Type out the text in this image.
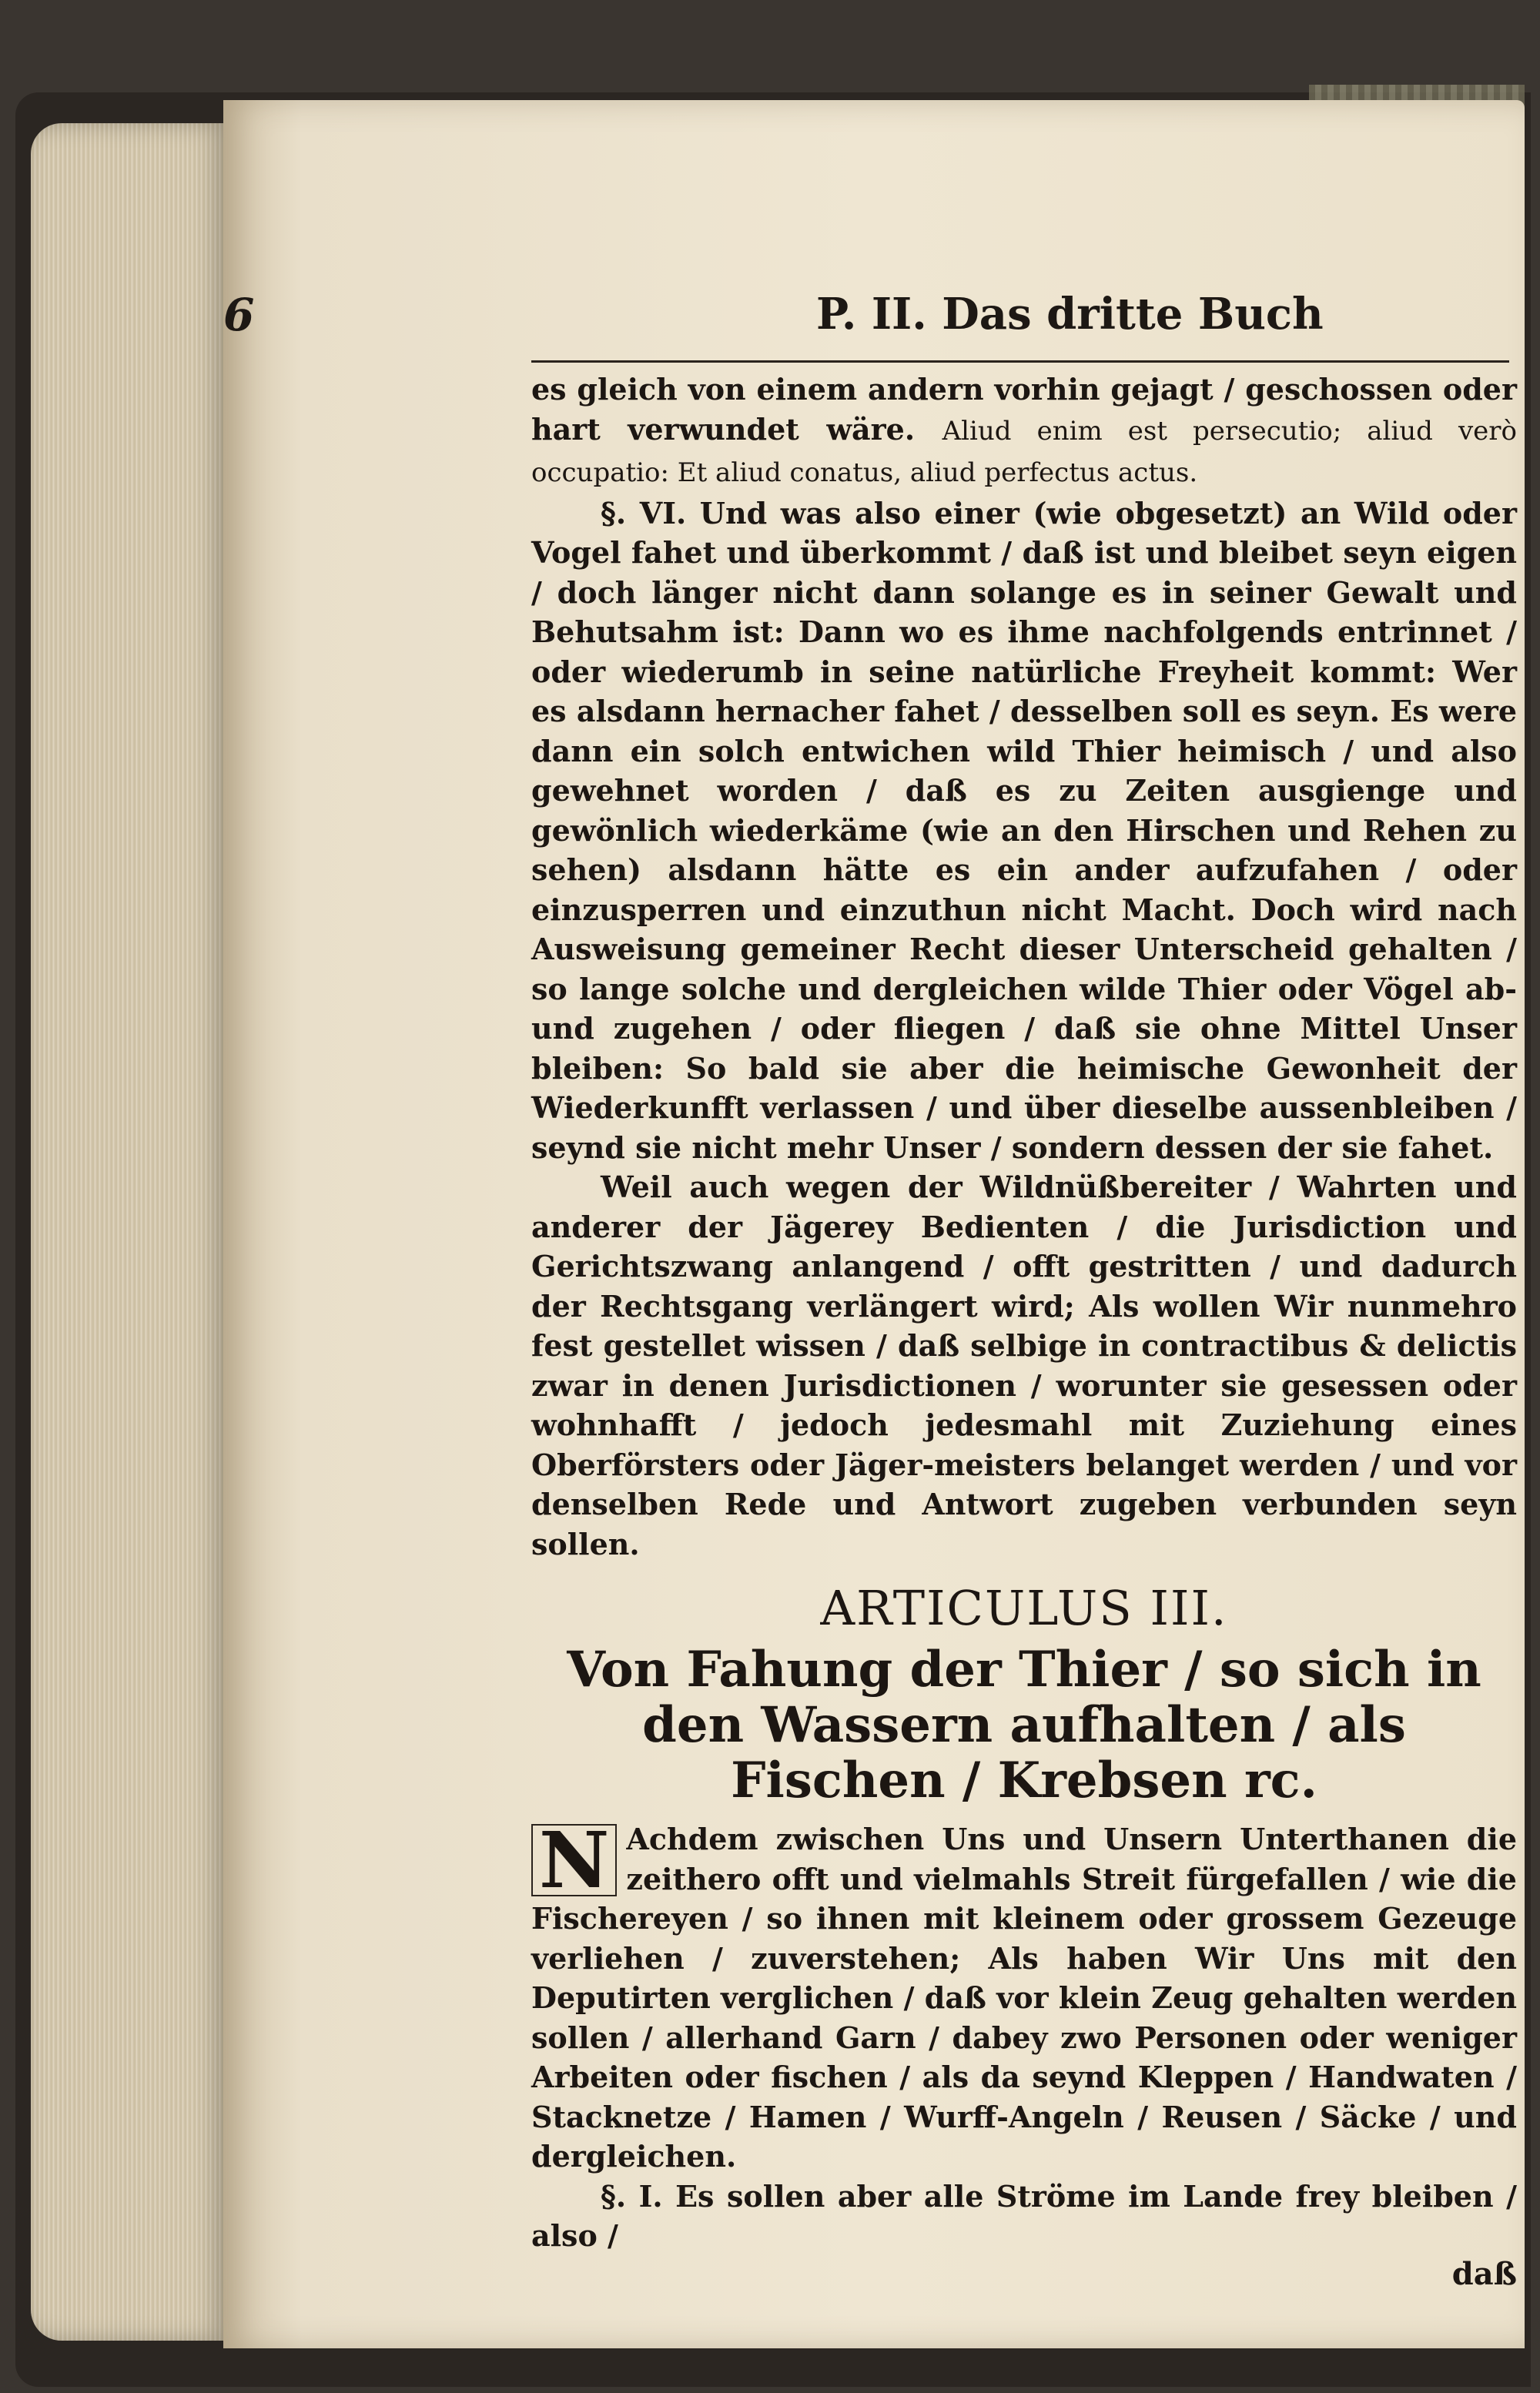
6	P. II. Das dritte Buch

es gleich von einem andern vorhin gejagt / geschossen oder hart verwundet wäre. Aliud enim est persecutio; aliud verò occupatio: Et aliud conatus, aliud perfectus actus.

§. VI. Und was also einer (wie obgesetzt) an Wild oder Vogel fahet und überkommt / daß ist und bleibet seyn eigen / doch länger nicht dann solange es in seiner Gewalt und Behutsahm ist: Dann wo es ihme nachfolgends entrinnet / oder wiederumb in seine natürliche Freyheit kommt: Wer es alsdann hernacher fahet / desselben soll es seyn. Es were dann ein solch entwichen wild Thier heimisch / und also gewehnet worden / daß es zu Zeiten ausgienge und gewönlich wiederkäme (wie an den Hirschen und Rehen zu sehen) alsdann hätte es ein ander aufzufahen / oder einzusperren und einzuthun nicht Macht. Doch wird nach Ausweisung gemeiner Recht dieser Unterscheid gehalten / so lange solche und dergleichen wilde Thier oder Vögel ab- und zugehen / oder fliegen / daß sie ohne Mittel Unser bleiben: So bald sie aber die heimische Gewonheit der Wiederkunfft verlassen / und über dieselbe aussenbleiben / seynd sie nicht mehr Unser / sondern dessen der sie fahet.

Weil auch wegen der Wildnüßbereiter / Wahrten und anderer der Jägerey Bedienten / die Jurisdiction und Gerichtszwang anlangend / offt gestritten / und dadurch der Rechtsgang verlängert wird; Als wollen Wir nunmehro fest gestellet wissen / daß selbige in contractibus & delictis zwar in denen Jurisdictionen / worunter sie gesessen oder wohnhafft / jedoch jedesmahl mit Zuziehung eines Oberförsters oder Jäger-meisters belanget werden / und vor denselben Rede und Antwort zugeben verbunden seyn sollen.

ARTICULUS III.
Von Fahung der Thier / so sich in den Wassern aufhalten / als Fischen / Krebsen rc.

N Achdem zwischen Uns und Unsern Unterthanen die zeithero offt und vielmahls Streit fürgefallen / wie die Fischereyen / so ihnen mit kleinem oder grossem Gezeuge verliehen / zuverstehen; Als haben Wir Uns mit den Deputirten verglichen / daß vor klein Zeug gehalten werden sollen / allerhand Garn / dabey zwo Personen oder weniger Arbeiten oder fischen / als da seynd Kleppen / Handwaten / Stacknetze / Hamen / Wurff-Angeln / Reusen / Säcke / und dergleichen.

§. I. Es sollen aber alle Ströme im Lande frey bleiben / also /

daß
